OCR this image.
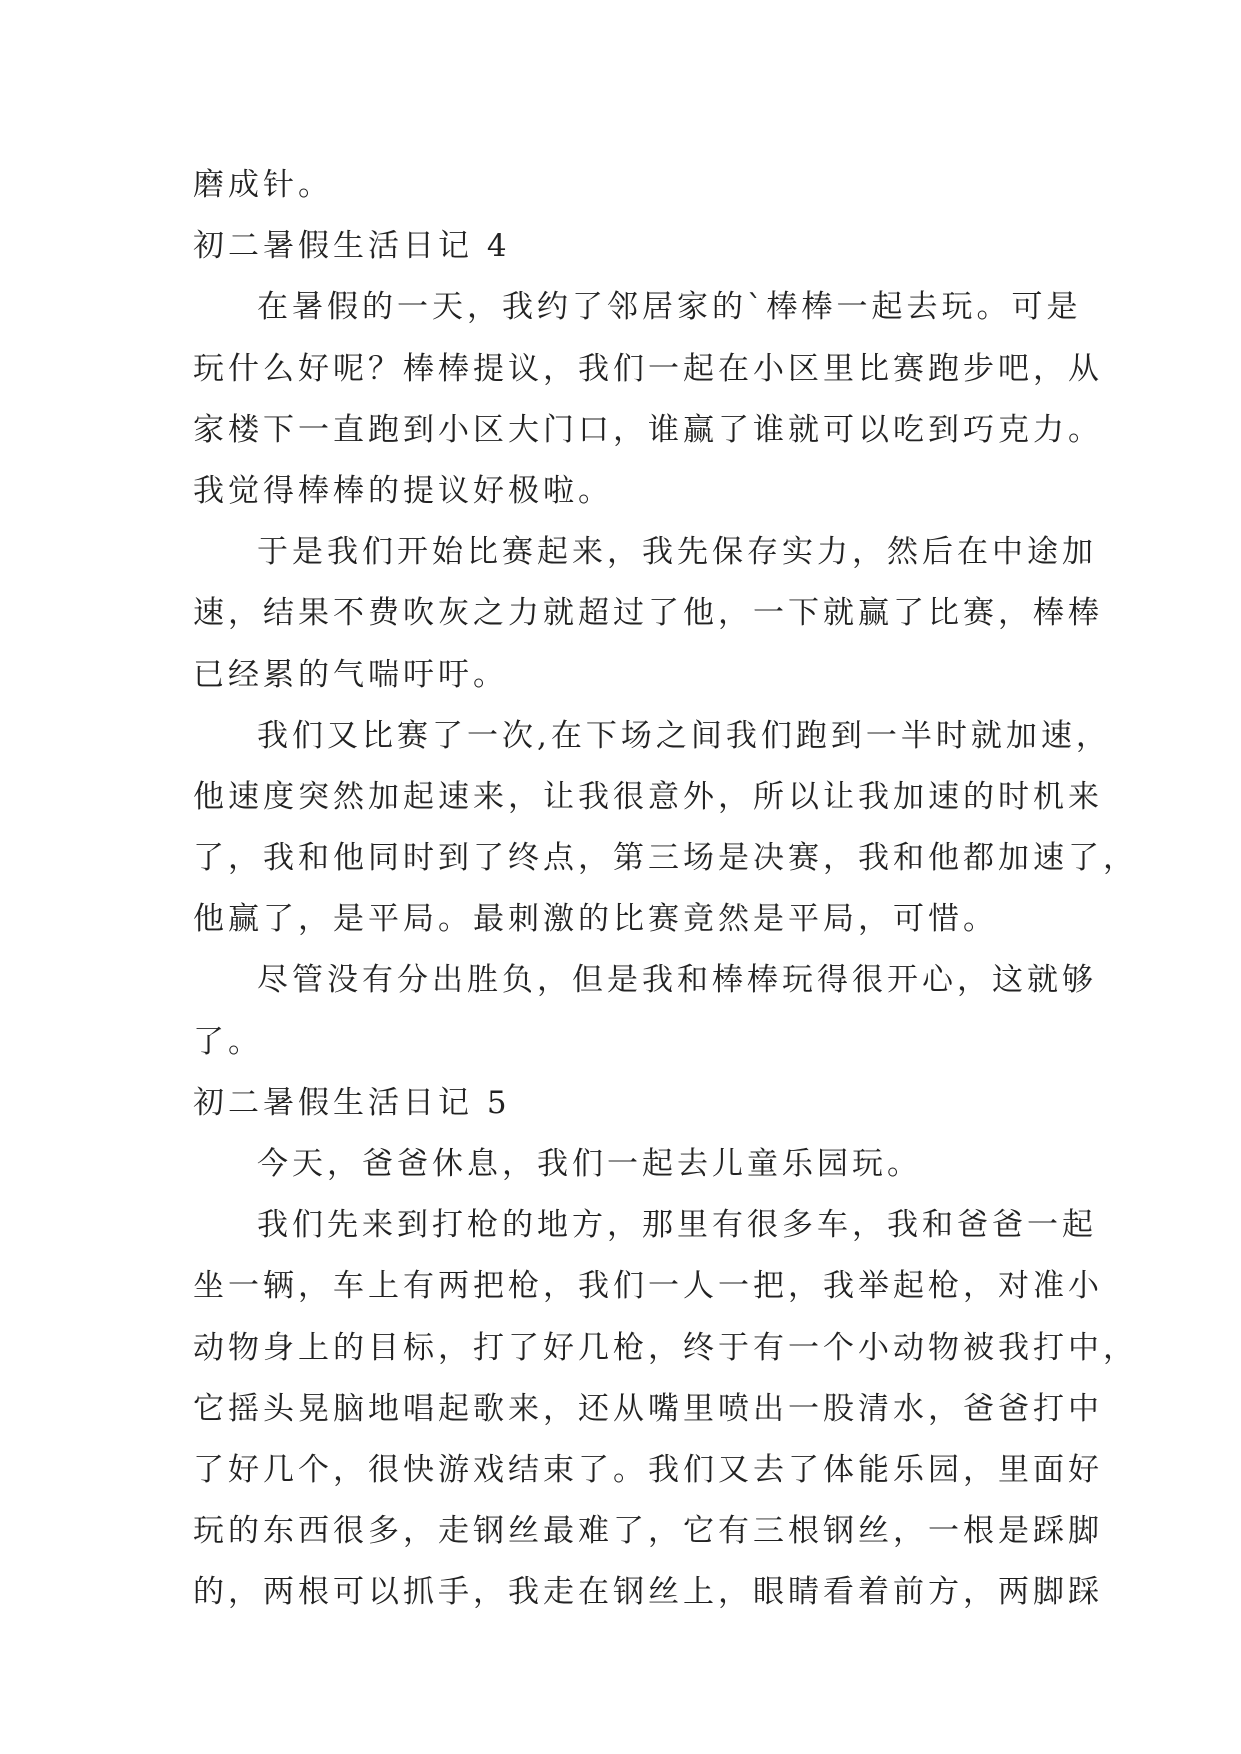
磨成针。
初二暑假生活日记 4
在暑假的一天，我约了邻居家的`棒棒一起去玩。可是
玩什么好呢？棒棒提议，我们一起在小区里比赛跑步吧，从
家楼下一直跑到小区大门口，谁赢了谁就可以吃到巧克力。
我觉得棒棒的提议好极啦。
于是我们开始比赛起来，我先保存实力，然后在中途加
速，结果不费吹灰之力就超过了他，一下就赢了比赛，棒棒
已经累的气喘吁吁。
我们又比赛了一次,在下场之间我们跑到一半时就加速，
他速度突然加起速来，让我很意外，所以让我加速的时机来
了，我和他同时到了终点，第三场是决赛，我和他都加速了，
他赢了，是平局。最刺激的比赛竟然是平局，可惜。
尽管没有分出胜负，但是我和棒棒玩得很开心，这就够
了。
初二暑假生活日记 5
今天，爸爸休息，我们一起去儿童乐园玩。
我们先来到打枪的地方，那里有很多车，我和爸爸一起
坐一辆，车上有两把枪，我们一人一把，我举起枪，对准小
动物身上的目标，打了好几枪，终于有一个小动物被我打中，
它摇头晃脑地唱起歌来，还从嘴里喷出一股清水，爸爸打中
了好几个，很快游戏结束了。我们又去了体能乐园，里面好
玩的东西很多，走钢丝最难了，它有三根钢丝，一根是踩脚
的，两根可以抓手，我走在钢丝上，眼睛看着前方，两脚踩
